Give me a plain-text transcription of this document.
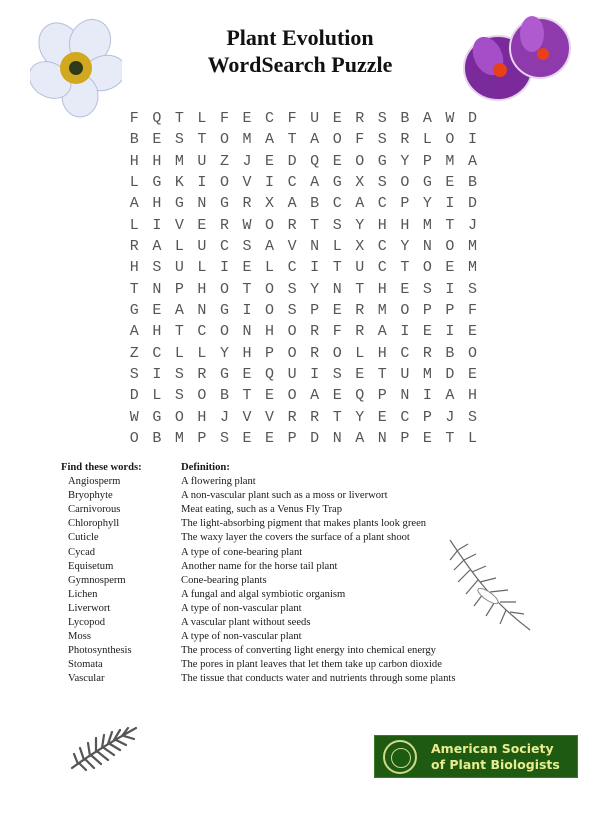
Plant Evolution
WordSearch Puzzle
F Q T L F E C F U E R S B A W D
B E S T O M A T A O F S R L O I
H H M U Z J E D Q E O G Y P M A
L G K I O V I C A G X S O G E B
A H G N G R X A B C A C P Y I D
L I V E R W O R T S Y H H M T J
R A L U C S A V N L X C Y N O M
H S U L I E L C I T U C T O E M
T N P H O T O S Y N T H E S I S
G E A N G I O S P E R M O P P F
A H T C O N H O R F R A I E I E
Z C L L Y H P O R O L H C R B O
S I S R G E Q U I S E T U M D E
D L S O B T E O A E Q P N I A H
W G O H J V V R R T Y E C P J S
O B M P S E E P D N A N P E T L
Find these words:
Angiosperm
Bryophyte
Carnivorous
Chlorophyll
Cuticle
Cycad
Equisetum
Gymnosperm
Lichen
Liverwort
Lycopod
Moss
Photosynthesis
Stomata
Vascular
Definition:
A flowering plant
A non-vascular plant such as a moss or liverwort
Meat eating, such as a Venus Fly Trap
The light-absorbing pigment that makes plants look green
The waxy layer the covers the surface of a plant shoot
A type of cone-bearing plant
Another name for the horse tail plant
Cone-bearing plants
A fungal and algal symbiotic organism
A type of non-vascular plant
A vascular plant without seeds
A type of non-vascular plant
The process of converting light energy into chemical energy
The pores in plant leaves that let them take up carbon dioxide
The tissue that conducts water and nutrients through some plants
American Society
of Plant Biologists
